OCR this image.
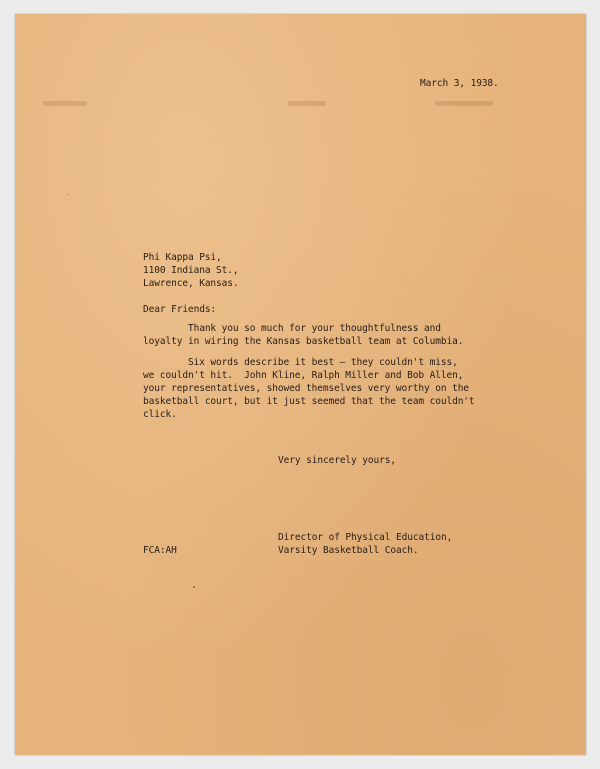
March 3, 1938.
Phi Kappa Psi,
1100 Indiana St.,
Lawrence, Kansas.
Dear Friends:
Thank you so much for your thoughtfulness and
loyalty in wiring the Kansas basketball team at Columbia.
Six words describe it best — they couldn't miss,
we couldn't hit.  John Kline, Ralph Miller and Bob Allen,
your representatives, showed themselves very worthy on the
basketball court, but it just seemed that the team couldn't
click.
Very sincerely yours,
Director of Physical Education,
Varsity Basketball Coach.
FCA:AH
